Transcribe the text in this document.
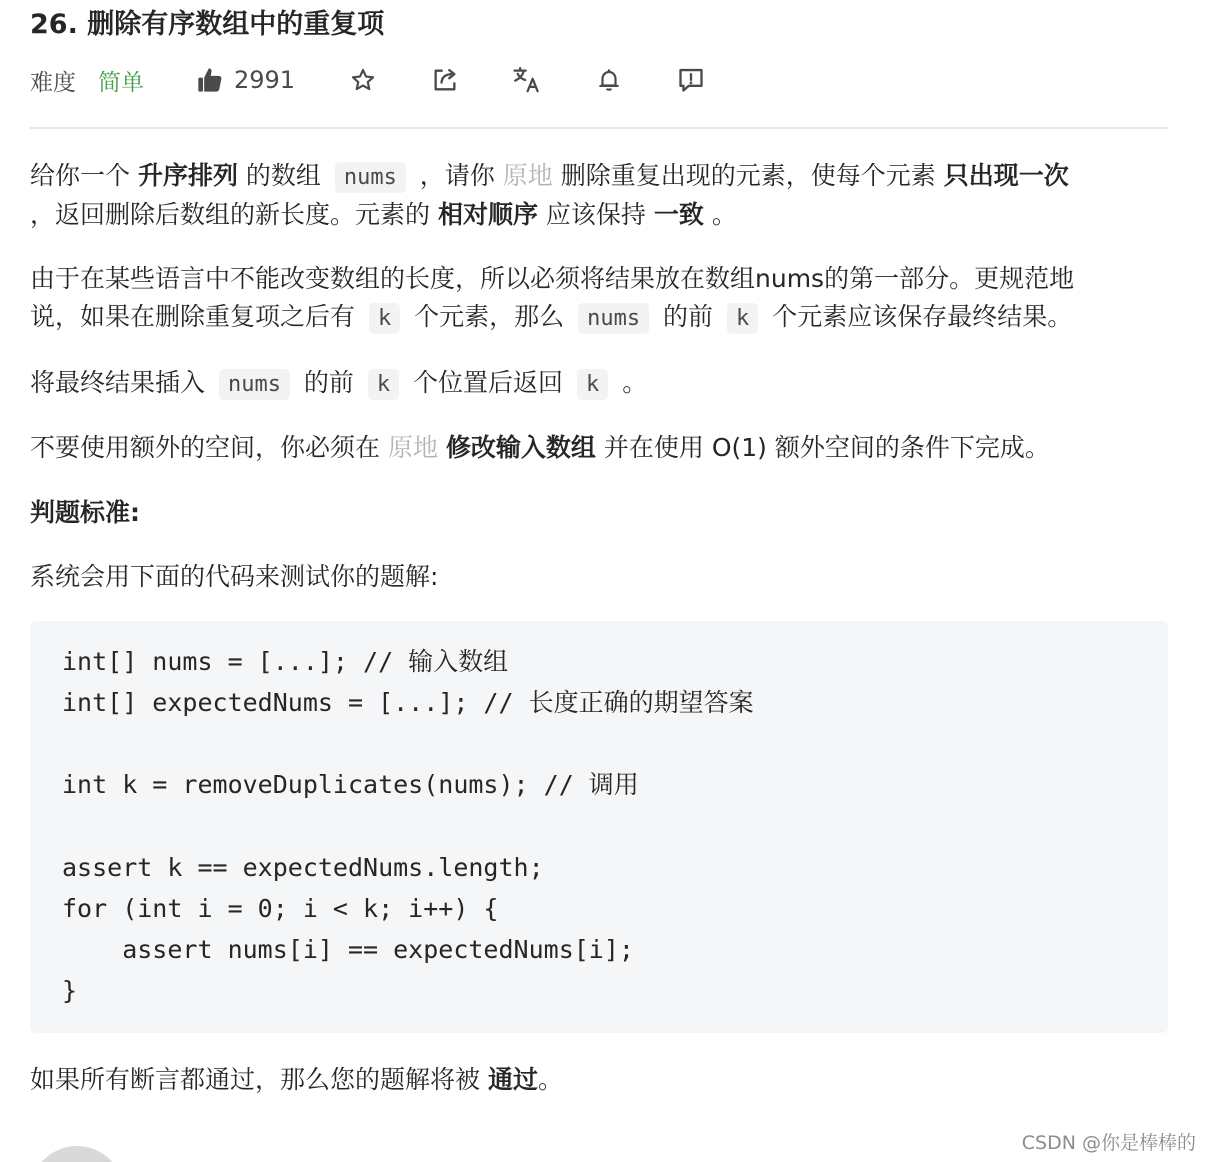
26. 删除有序数组中的重复项
难度 简单	2991
给你一个 升序排列 的数组 nums ，请你 原地 删除重复出现的元素，使每个元素 只出现一次
，返回删除后数组的新长度。元素的 相对顺序 应该保持 一致 。
由于在某些语言中不能改变数组的长度，所以必须将结果放在数组nums的第一部分。更规范地
说，如果在删除重复项之后有 k 个元素，那么 nums 的前 k 个元素应该保存最终结果。
将最终结果插入 nums 的前 k 个位置后返回 k 。
不要使用额外的空间，你必须在 原地 修改输入数组 并在使用 O(1) 额外空间的条件下完成。
判题标准:
系统会用下面的代码来测试你的题解:
int[] nums = [...]; // 输入数组
int[] expectedNums = [...]; // 长度正确的期望答案
int k = removeDuplicates(nums); // 调用
assert k == expectedNums.length;
for (int i = 0; i < k; i++) {
assert nums[i] == expectedNums[i];
}
如果所有断言都通过，那么您的题解将被 通过。
CSDN @你是棒棒的
